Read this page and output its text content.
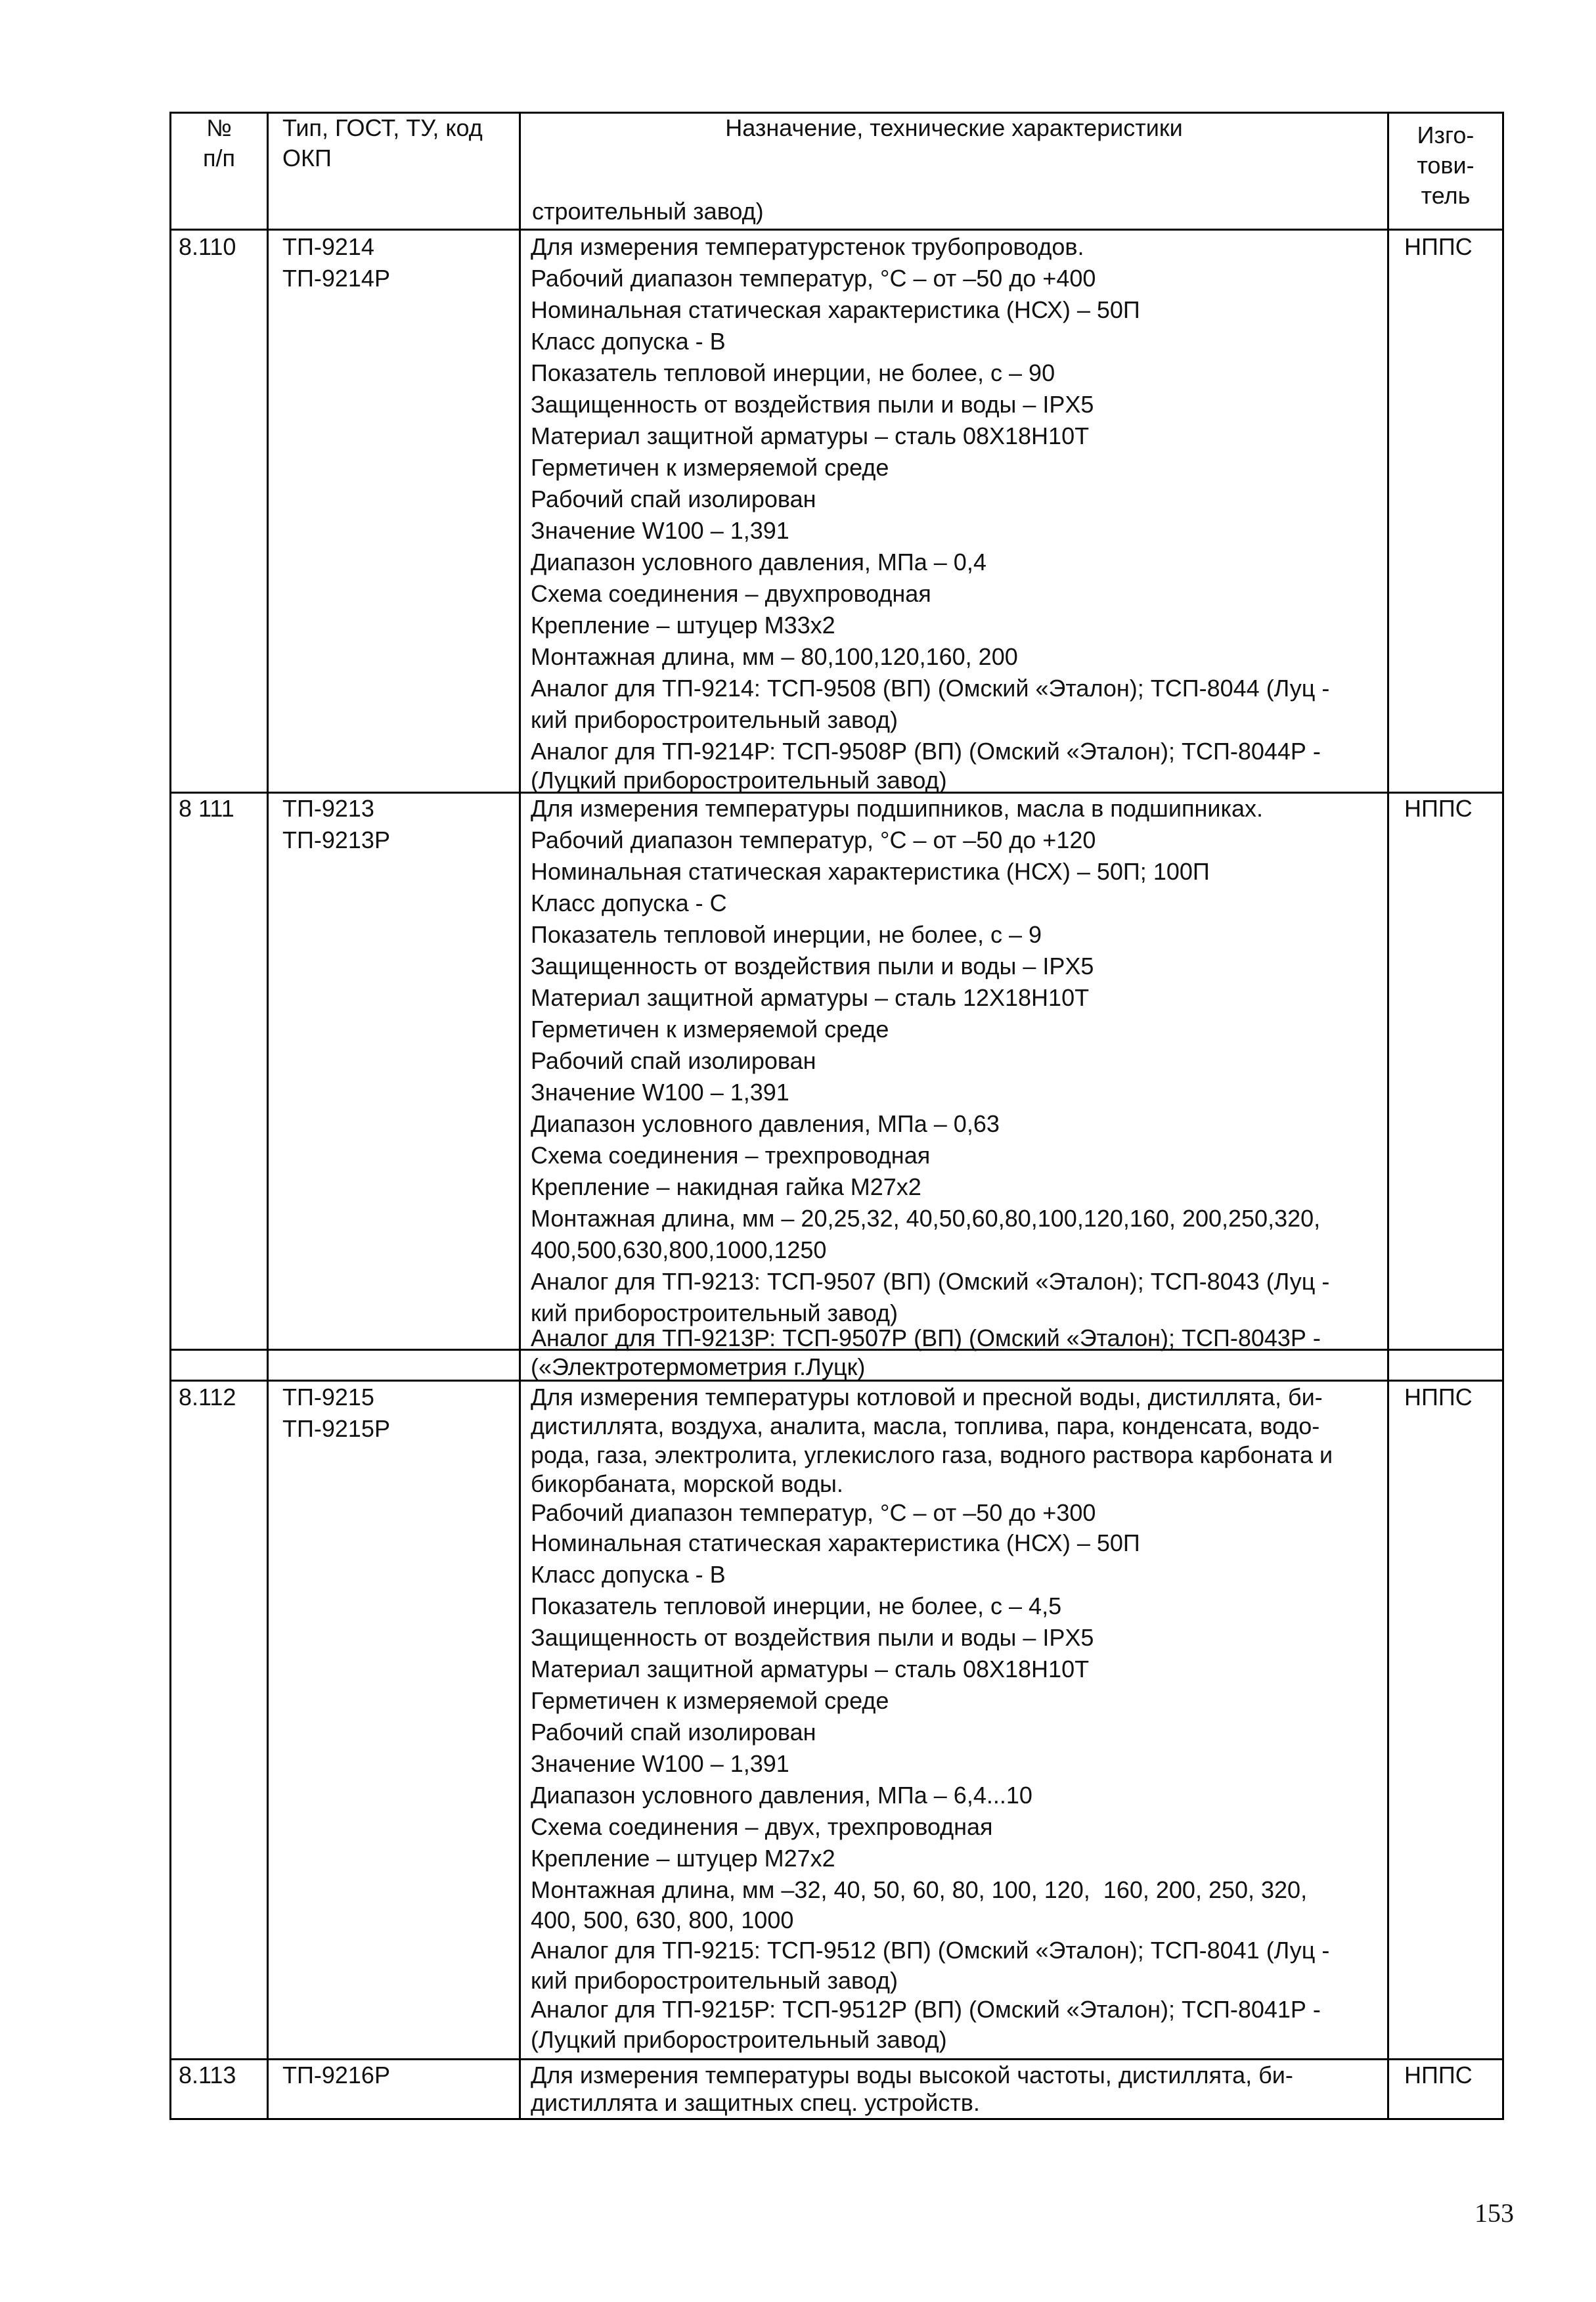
№
п/п
Тип, ГОСТ, ТУ, код
ОКП
Назначение, технические характеристики	Изго-
тови-
тель
строительный завод)
8.110 ТП-9214
ТП-9214Р
НППС
Для измерения температурстенок трубопроводов.
Рабочий диапазон температур, °С – от –50 до +400
Номинальная статическая характеристика (НСХ) – 50П
Класс допуска - В
Показатель тепловой инерции, не более, с – 90
Защищенность от воздействия пыли и воды – IPX5
Материал защитной арматуры – сталь 08Х18Н10Т
Герметичен к измеряемой среде
Рабочий спай изолирован
Значение W100 – 1,391
Диапазон условного давления, МПа – 0,4
Схема соединения – двухпроводная
Крепление – штуцер М33х2
Монтажная длина, мм – 80,100,120,160, 200
Аналог для ТП-9214: ТСП-9508 (ВП) (Омский «Эталон); ТСП-8044 (Луц -
кий приборостроительный завод)
Аналог для ТП-9214Р: ТСП-9508Р (ВП) (Омский «Эталон); ТСП-8044Р -
(Луцкий приборостроительный завод)
8 111 ТП-9213
ТП-9213Р
НППС
Для измерения температуры подшипников, масла в подшипниках.
Рабочий диапазон температур, °С – от –50 до +120
Номинальная статическая характеристика (НСХ) – 50П; 100П
Класс допуска - С
Показатель тепловой инерции, не более, с – 9
Защищенность от воздействия пыли и воды – IPX5
Материал защитной арматуры – сталь 12Х18Н10Т
Герметичен к измеряемой среде
Рабочий спай изолирован
Значение W100 – 1,391
Диапазон условного давления, МПа – 0,63
Схема соединения – трехпроводная
Крепление – накидная гайка М27х2
Монтажная длина, мм – 20,25,32, 40,50,60,80,100,120,160, 200,250,320,
400,500,630,800,1000,1250
Аналог для ТП-9213: ТСП-9507 (ВП) (Омский «Эталон); ТСП-8043 (Луц -
кий приборостроительный завод)
Аналог для ТП-9213Р: ТСП-9507Р (ВП) (Омский «Эталон); ТСП-8043Р -
(«Электротермометрия г.Луцк)
8.112 ТП-9215
ТП-9215Р
НППС
Для измерения температуры котловой и пресной воды, дистиллята, би-
дистиллята, воздуха, аналита, масла, топлива, пара, конденсата, водо-
рода, газа, электролита, углекислого газа, водного раствора карбоната и
бикорбаната, морской воды.
Рабочий диапазон температур, °С – от –50 до +300
Номинальная статическая характеристика (НСХ) – 50П
Класс допуска - В
Показатель тепловой инерции, не более, с – 4,5
Защищенность от воздействия пыли и воды – IPX5
Материал защитной арматуры – сталь 08Х18Н10Т
Герметичен к измеряемой среде
Рабочий спай изолирован
Значение W100 – 1,391
Диапазон условного давления, МПа – 6,4...10
Схема соединения – двух, трехпроводная
Крепление – штуцер М27х2
Монтажная длина, мм –32, 40, 50, 60, 80, 100, 120,  160, 200, 250, 320,
400, 500, 630, 800, 1000
Аналог для ТП-9215: ТСП-9512 (ВП) (Омский «Эталон); ТСП-8041 (Луц -
кий приборостроительный завод)
Аналог для ТП-9215Р: ТСП-9512Р (ВП) (Омский «Эталон); ТСП-8041Р -
(Луцкий приборостроительный завод)
8.113 ТП-9216Р	НППС
Для измерения температуры воды высокой частоты, дистиллята, би-
дистиллята и защитных спец. устройств.
153
